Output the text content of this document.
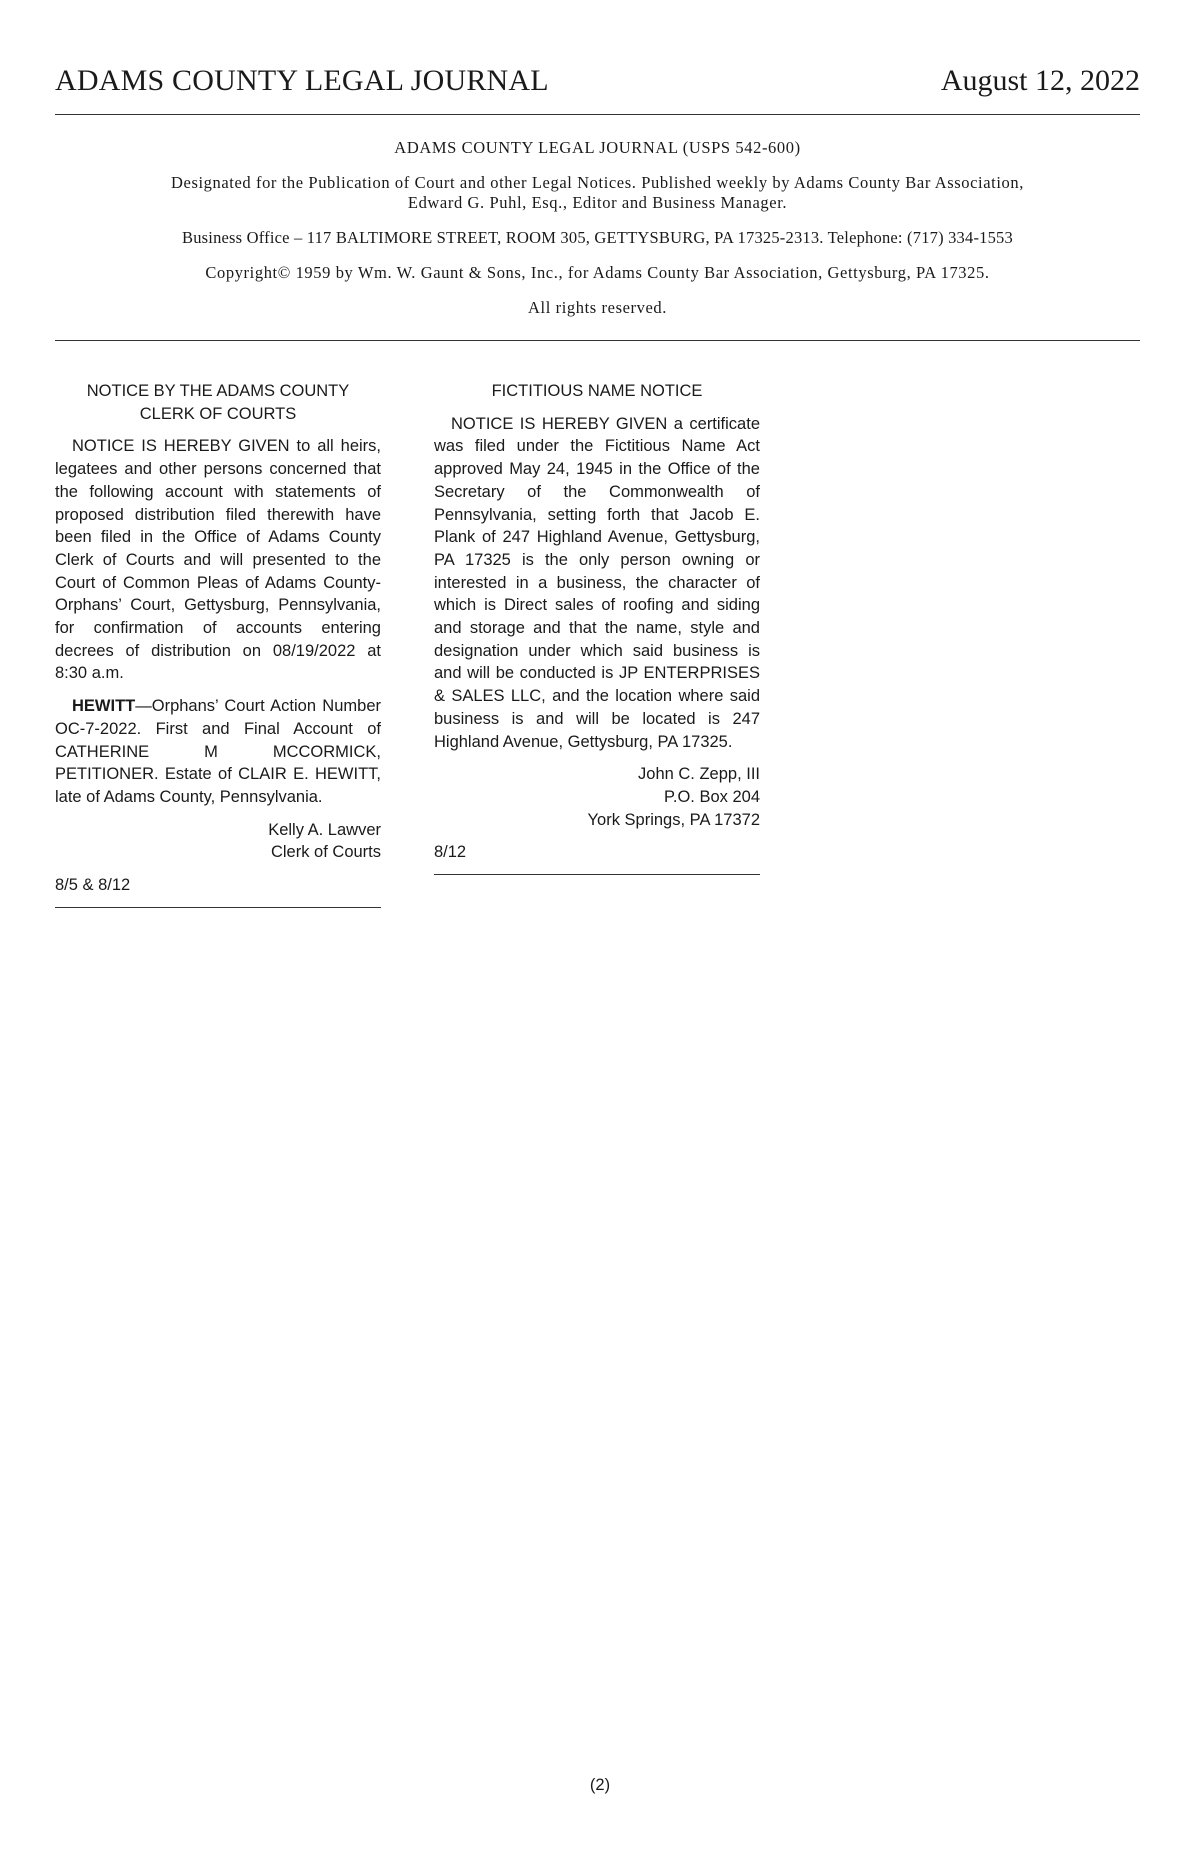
ADAMS COUNTY LEGAL JOURNAL	August 12, 2022

ADAMS COUNTY LEGAL JOURNAL (USPS 542-600)

Designated for the Publication of Court and other Legal Notices. Published weekly by Adams County Bar Association,
Edward G. Puhl, Esq., Editor and Business Manager.

Business Office – 117 BALTIMORE STREET, ROOM 305, GETTYSBURG, PA 17325-2313. Telephone: (717) 334-1553

Copyright© 1959 by Wm. W. Gaunt & Sons, Inc., for Adams County Bar Association, Gettysburg, PA 17325.

All rights reserved.

NOTICE BY THE ADAMS COUNTY CLERK OF COURTS

NOTICE IS HEREBY GIVEN to all heirs, legatees and other persons concerned that the following account with statements of proposed distribution filed therewith have been filed in the Office of Adams County Clerk of Courts and will presented to the Court of Common Pleas of Adams County-Orphans’ Court, Gettysburg, Pennsylvania, for confirmation of accounts entering decrees of distribution on 08/19/2022 at 8:30 a.m.

HEWITT—Orphans’ Court Action Number OC-7-2022. First and Final Account of CATHERINE M MCCORMICK, PETITIONER. Estate of CLAIR E. HEWITT, late of Adams County, Pennsylvania.

Kelly A. Lawver
Clerk of Courts
8/5 & 8/12
FICTITIOUS NAME NOTICE

NOTICE IS HEREBY GIVEN a certificate was filed under the Fictitious Name Act approved May 24, 1945 in the Office of the Secretary of the Commonwealth of Pennsylvania, setting forth that Jacob E. Plank of 247 Highland Avenue, Gettysburg, PA 17325 is the only person owning or interested in a business, the character of which is Direct sales of roofing and siding and storage and that the name, style and designation under which said business is and will be conducted is JP ENTERPRISES & SALES LLC, and the location where said business is and will be located is 247 Highland Avenue, Gettysburg, PA 17325.

John C. Zepp, III
P.O. Box 204
York Springs, PA 17372
8/12
(2)
